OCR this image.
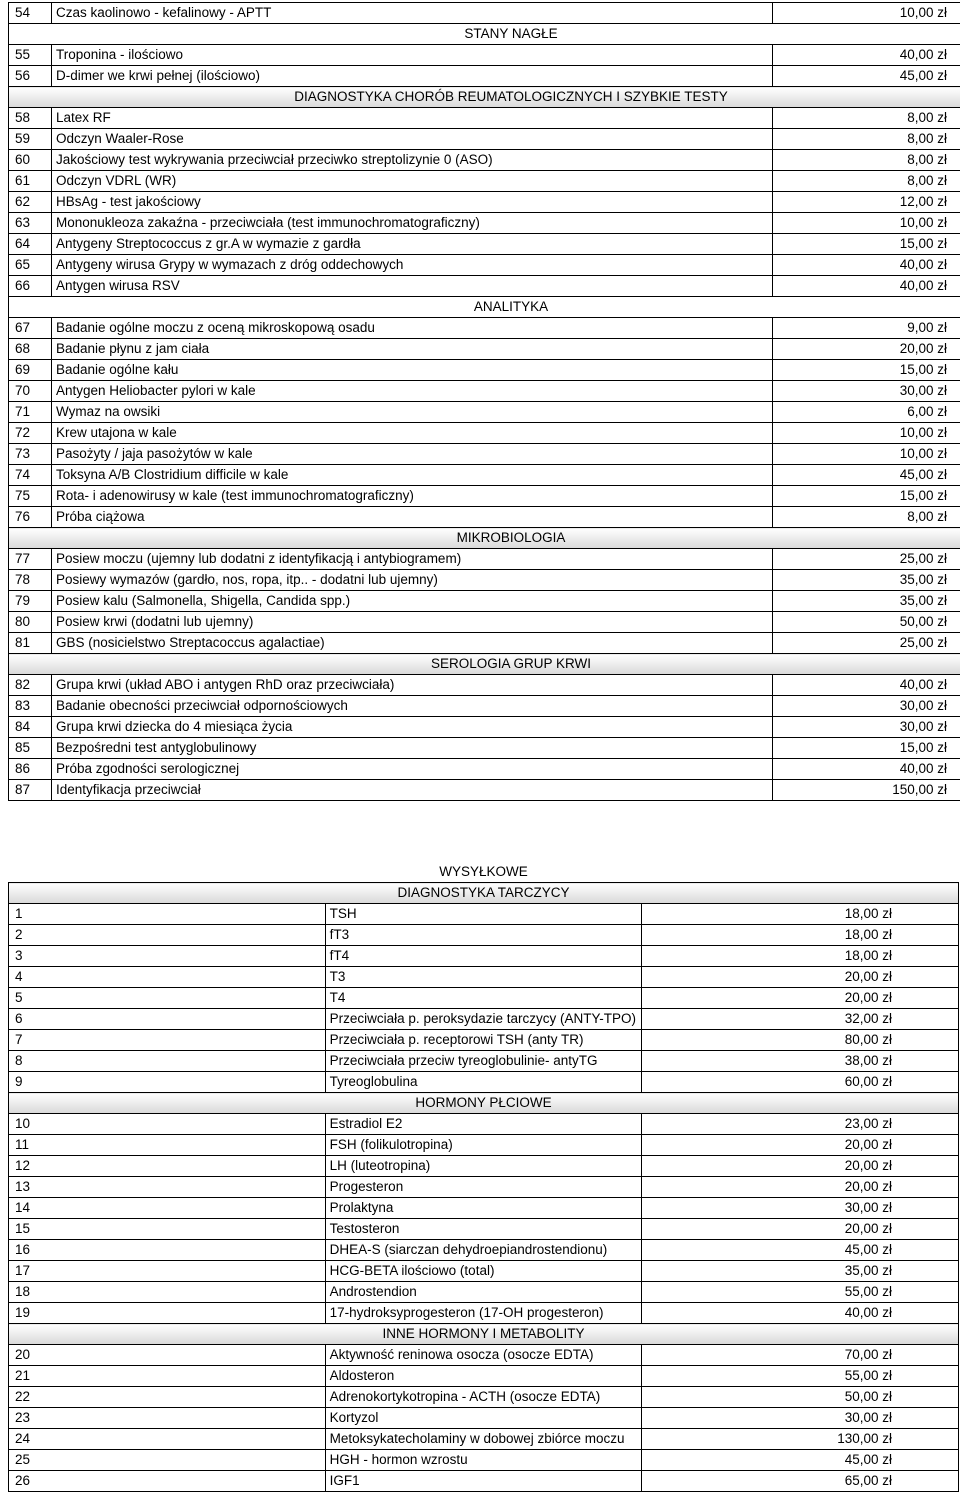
54	Czas kaolinowo - kefalinowy - APTT	10,00 zł
STANY NAGŁE		
55	Troponina - ilościowo	40,00 zł
56	D-dimer we krwi pełnej (ilościowo)	45,00 zł
DIAGNOSTYKA CHORÓB REUMATOLOGICZNYCH I SZYBKIE TESTY		
58	Latex RF	8,00 zł
59	Odczyn Waaler-Rose	8,00 zł
60	Jakościowy test wykrywania przeciwciał przeciwko streptolizynie 0 (ASO)	8,00 zł
61	Odczyn VDRL (WR)	8,00 zł
62	HBsAg - test jakościowy	12,00 zł
63	Mononukleoza zakaźna - przeciwciała (test immunochromatograficzny)	10,00 zł
64	Antygeny Streptococcus z gr.A w wymazie z gardła	15,00 zł
65	Antygeny wirusa Grypy w wymazach z dróg oddechowych	40,00 zł
66	Antygen wirusa RSV	40,00 zł
ANALITYKA		
67	Badanie ogólne moczu z oceną mikroskopową osadu	9,00 zł
68	Badanie płynu z jam ciała	20,00 zł
69	Badanie ogólne kału	15,00 zł
70	Antygen Heliobacter pylori w kale	30,00 zł
71	Wymaz na owsiki	6,00 zł
72	Krew utajona w kale	10,00 zł
73	Pasożyty / jaja pasożytów w kale	10,00 zł
74	Toksyna A/B Clostridium difficile w kale	45,00 zł
75	Rota- i adenowirusy w kale (test immunochromatograficzny)	15,00 zł
76	Próba ciążowa	8,00 zł
MIKROBIOLOGIA		
77	Posiew moczu (ujemny lub dodatni z identyfikacją i antybiogramem)	25,00 zł
78	Posiewy wymazów (gardło, nos, ropa, itp.. - dodatni lub ujemny)	35,00 zł
79	Posiew kalu (Salmonella, Shigella, Candida spp.)	35,00 zł
80	Posiew krwi (dodatni lub ujemny)	50,00 zł
81	GBS (nosicielstwo Streptacoccus agalactiae)	25,00 zł
SEROLOGIA GRUP KRWI		
82	Grupa krwi (układ ABO i antygen RhD oraz przeciwciała)	40,00 zł
83	Badanie obecności przeciwciał odpornościowych	30,00 zł
84	Grupa krwi dziecka do 4 miesiąca życia	30,00 zł
85	Bezpośredni test antyglobulinowy	15,00 zł
86	Próba zgodności serologicznej	40,00 zł
87	Identyfikacja przeciwciał	150,00 zł
WYSYŁKOWE		
DIAGNOSTYKA TARCZYCY		
1	TSH	18,00 zł
2	fT3	18,00 zł
3	fT4	18,00 zł
4	T3	20,00 zł
5	T4	20,00 zł
6	Przeciwciała p. peroksydazie tarczycy (ANTY-TPO)	32,00 zł
7	Przeciwciała p. receptorowi TSH (anty TR)	80,00 zł
8	Przeciwciała przeciw tyreoglobulinie- antyTG	38,00 zł
9	Tyreoglobulina	60,00 zł
HORMONY PŁCIOWE		
10	Estradiol E2	23,00 zł
11	FSH (folikulotropina)	20,00 zł
12	LH (luteotropina)	20,00 zł
13	Progesteron	20,00 zł
14	Prolaktyna	30,00 zł
15	Testosteron	20,00 zł
16	DHEA-S (siarczan dehydroepiandrostendionu)	45,00 zł
17	HCG-BETA ilościowo (total)	35,00 zł
18	Androstendion	55,00 zł
19	17-hydroksyprogesteron (17-OH progesteron)	40,00 zł
INNE HORMONY I METABOLITY		
20	Aktywność reninowa osocza (osocze EDTA)	70,00 zł
21	Aldosteron	55,00 zł
22	Adrenokortykotropina - ACTH (osocze EDTA)	50,00 zł
23	Kortyzol	30,00 zł
24	Metoksykatecholaminy w dobowej zbiórce moczu	130,00 zł
25	HGH - hormon wzrostu	45,00 zł
26	IGF1	65,00 zł
